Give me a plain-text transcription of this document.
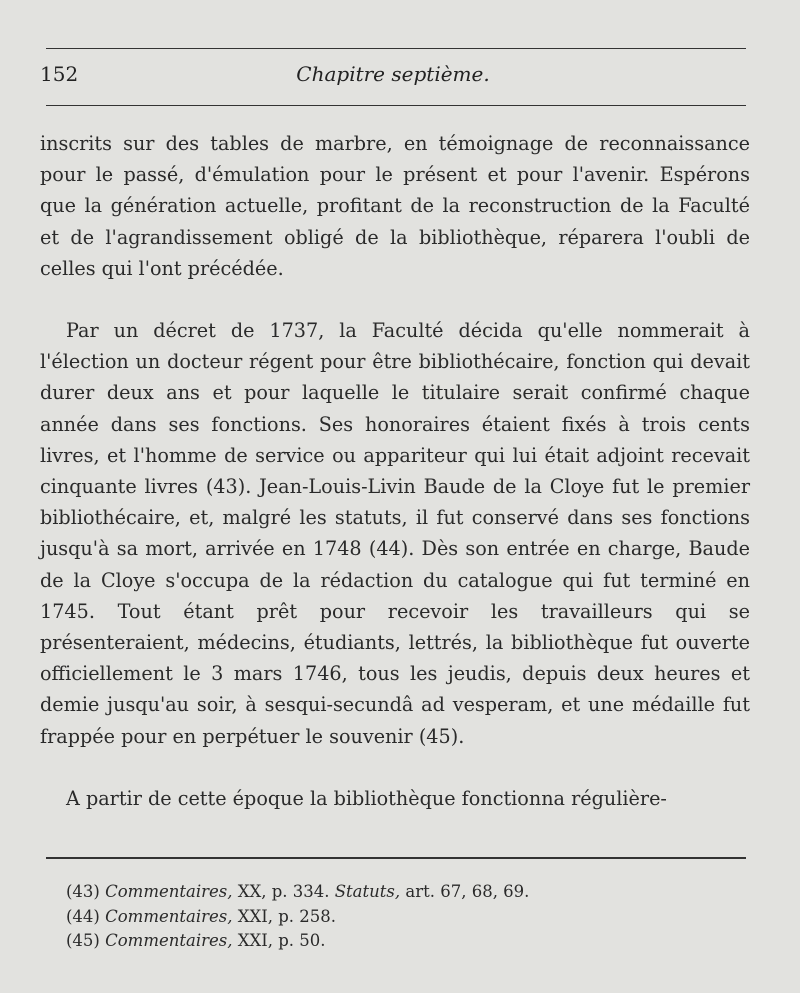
152	Chapitre septième.

inscrits sur des tables de marbre, en témoignage de reconnaissance pour le passé, d'émulation pour le présent et pour l'avenir. Espérons que la génération actuelle, profitant de la reconstruction de la Faculté et de l'agrandissement obligé de la bibliothèque, réparera l'oubli de celles qui l'ont précédée.

Par un décret de 1737, la Faculté décida qu'elle nommerait à l'élection un docteur régent pour être bibliothécaire, fonction qui devait durer deux ans et pour laquelle le titulaire serait confirmé chaque année dans ses fonctions. Ses honoraires étaient fixés à trois cents livres, et l'homme de service ou appariteur qui lui était adjoint recevait cinquante livres (43). Jean-Louis-Livin Baude de la Cloye fut le premier bibliothécaire, et, malgré les statuts, il fut conservé dans ses fonctions jusqu'à sa mort, arrivée en 1748 (44). Dès son entrée en charge, Baude de la Cloye s'occupa de la rédaction du catalogue qui fut terminé en 1745. Tout étant prêt pour recevoir les travailleurs qui se présenteraient, médecins, étudiants, lettrés, la bibliothèque fut ouverte officiellement le 3 mars 1746, tous les jeudis, depuis deux heures et demie jusqu'au soir, à sesqui-secundâ ad vesperam, et une médaille fut frappée pour en perpétuer le souvenir (45).

A partir de cette époque la bibliothèque fonctionna régulière-

(43) Commentaires, XX, p. 334. Statuts, art. 67, 68, 69.
(44) Commentaires, XXI, p. 258.
(45) Commentaires, XXI, p. 50.
